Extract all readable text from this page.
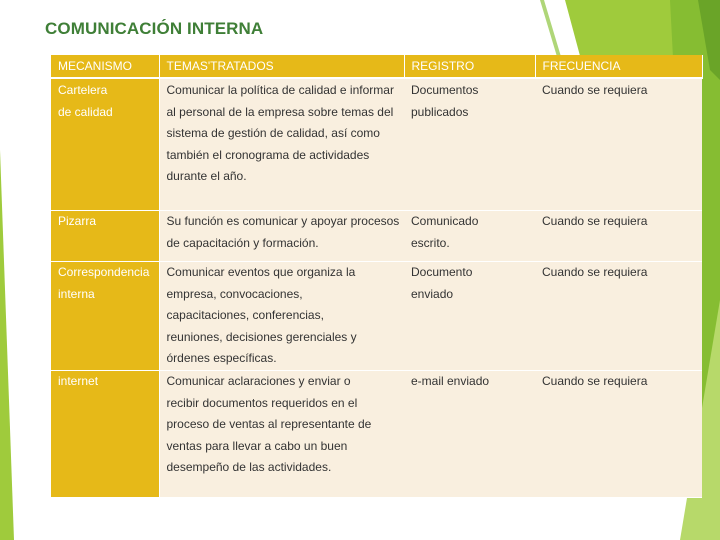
COMUNICACIÓN INTERNA
MECANISMO	TEMAS'TRATADOS	REGISTRO	FRECUENCIA

Cartelera de calidad	Comunicar la política de calidad e informar al personal de la empresa sobre temas del sistema de gestión de calidad, así como también el cronograma de actividades durante el año.	Documentos publicados	Cuando se requiera
Pizarra	Su función es comunicar y apoyar procesos de capacitación y formación.	Comunicado escrito.	Cuando se requiera

Correspondencia interna	Comunicar eventos que organiza la empresa, convocaciones, capacitaciones, conferencias, reuniones, decisiones gerenciales y órdenes específicas.	Documento enviado	Cuando se requiera
internet	Comunicar aclaraciones y enviar o recibir documentos requeridos en el proceso de ventas al representante de ventas para llevar a cabo un buen desempeño de las actividades.	e-mail enviado	Cuando se requiera
